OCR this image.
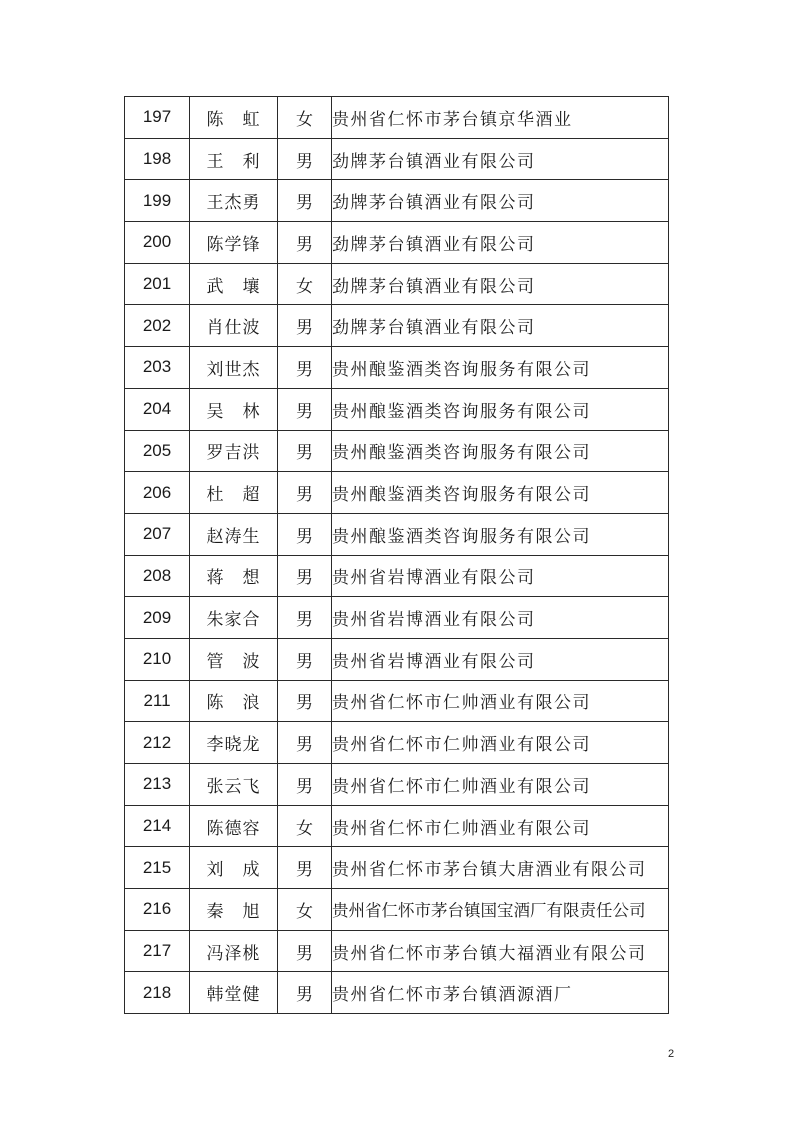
197	陈　虹	女	贵州省仁怀市茅台镇京华酒业
198	王　利	男	劲牌茅台镇酒业有限公司
199	王杰勇	男	劲牌茅台镇酒业有限公司
200	陈学锋	男	劲牌茅台镇酒业有限公司
201	武　壤	女	劲牌茅台镇酒业有限公司
202	肖仕波	男	劲牌茅台镇酒业有限公司
203	刘世杰	男	贵州酿鉴酒类咨询服务有限公司
204	吴　林	男	贵州酿鉴酒类咨询服务有限公司
205	罗吉洪	男	贵州酿鉴酒类咨询服务有限公司
206	杜　超	男	贵州酿鉴酒类咨询服务有限公司
207	赵涛生	男	贵州酿鉴酒类咨询服务有限公司
208	蒋　想	男	贵州省岩博酒业有限公司
209	朱家合	男	贵州省岩博酒业有限公司
210	管　波	男	贵州省岩博酒业有限公司
211	陈　浪	男	贵州省仁怀市仁帅酒业有限公司
212	李晓龙	男	贵州省仁怀市仁帅酒业有限公司
213	张云飞	男	贵州省仁怀市仁帅酒业有限公司
214	陈德容	女	贵州省仁怀市仁帅酒业有限公司
215	刘　成	男	贵州省仁怀市茅台镇大唐酒业有限公司
216	秦　旭	女	贵州省仁怀市茅台镇国宝酒厂有限责任公司
217	冯泽桃	男	贵州省仁怀市茅台镇大福酒业有限公司
218	韩堂健	男	贵州省仁怀市茅台镇酒源酒厂
2
